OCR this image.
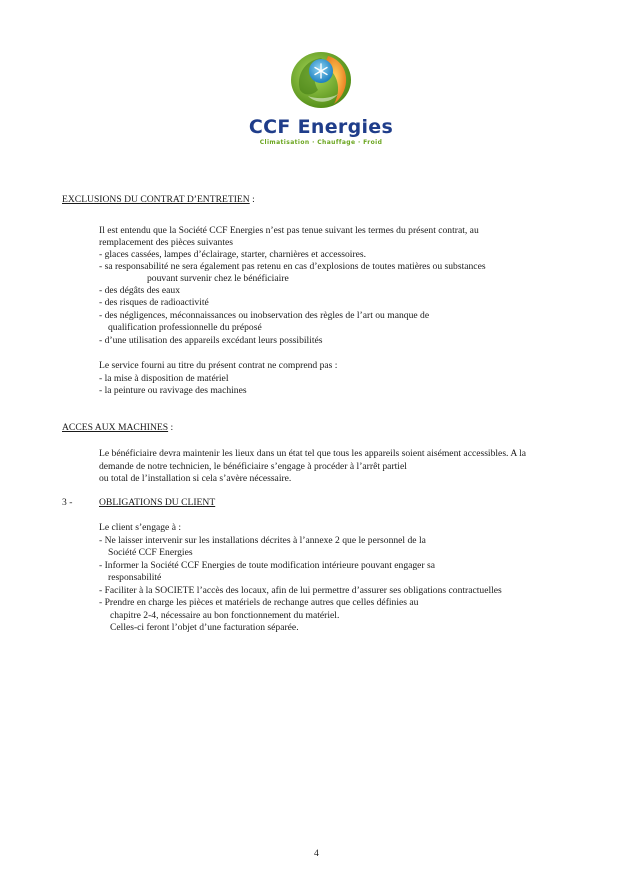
CCF Energies
Climatisation · Chauffage · Froid
EXCLUSIONS DU CONTRAT D’ENTRETIEN :
Il est entendu que la Société CCF Energies n’est pas tenue suivant les termes du présent contrat, au
remplacement des pièces suivantes
- glaces cassées, lampes d’éclairage, starter, charnières et accessoires.
- sa responsabilité ne sera également pas retenu en cas d’explosions de toutes matières ou substances
pouvant survenir chez le bénéficiaire
- des dégâts des eaux
- des risques de radioactivité
- des négligences, méconnaissances ou inobservation des règles de l’art ou manque de
qualification professionnelle du préposé
- d’une utilisation des appareils excédant leurs possibilités
Le service fourni au titre du présent contrat ne comprend pas :
- la mise à disposition de matériel
- la peinture ou ravivage des machines
ACCES AUX MACHINES :
Le bénéficiaire devra maintenir les lieux dans un état tel que tous les appareils soient aisément accessibles. A la
demande de notre technicien, le bénéficiaire s’engage à procéder à l’arrêt partiel
ou total de l’installation si cela s’avère nécessaire.
3 -	OBLIGATIONS DU CLIENT
Le client s’engage à :
- Ne laisser intervenir sur les installations décrites à l’annexe 2 que le personnel de la
Société CCF Energies
- Informer la Société CCF Energies de toute modification intérieure pouvant engager sa
responsabilité
- Faciliter à la SOCIETE l’accès des locaux, afin de lui permettre d’assurer ses obligations contractuelles
- Prendre en charge les pièces et matériels de rechange autres que celles définies au
chapitre 2-4, nécessaire au bon fonctionnement du matériel.
Celles-ci feront l’objet d’une facturation séparée.
4
